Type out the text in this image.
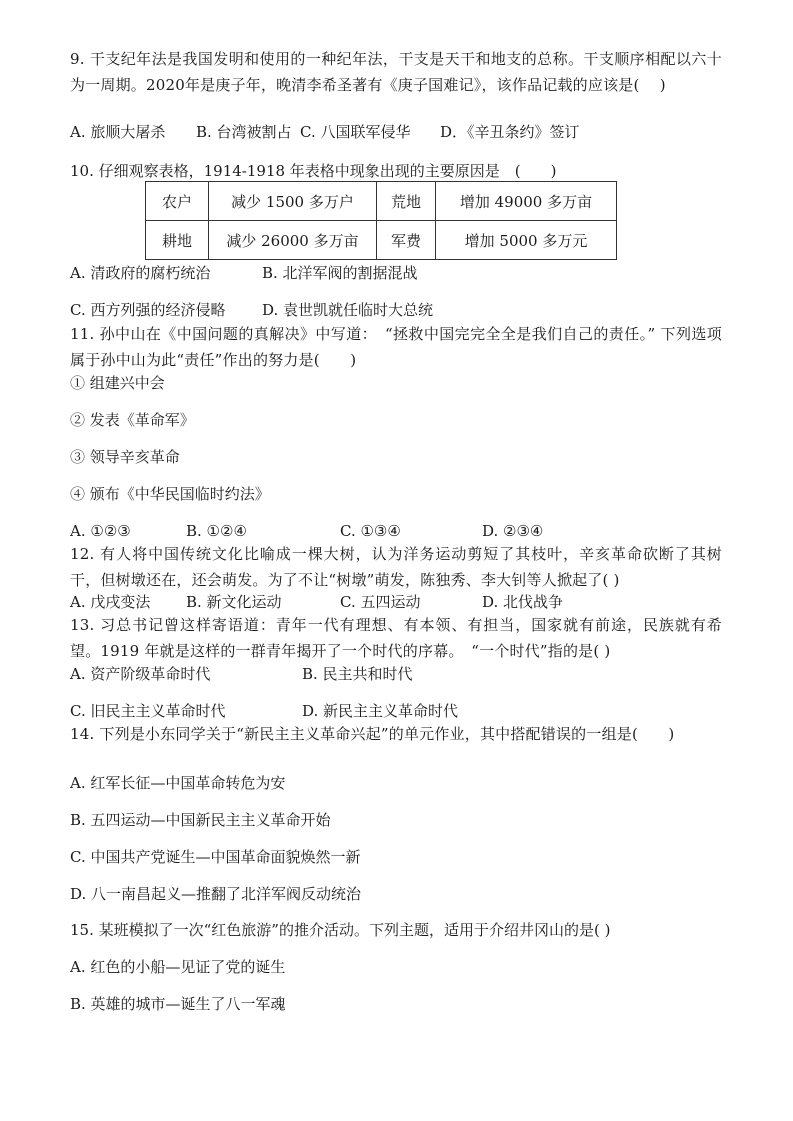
9. 干支纪年法是我国发明和使用的一种纪年法，干支是天干和地支的总称。干支顺序相配以六十为一周期。2020年是庚子年，晚清李希圣著有《庚子国难记》，该作品记载的应该是(　 )
A. 旅顺大屠杀 B. 台湾被割占 C. 八国联军侵华 D．《辛丑条约》签订
10. 仔细观察表格，1914-1918 年表格中现象出现的主要原因是　(　　)
农户	减少 1500 多万户	荒地	增加 49000 多万亩
耕地	减少 26000 多万亩	军费	增加 5000 多万元
A. 清政府的腐朽统治	B. 北洋军阀的割据混战
C. 西方列强的经济侵略 D. 袁世凯就任临时大总统
11. 孙中山在《中国问题的真解决》中写道：　“拯救中国完完全全是我们自己的责任。” 下列选项属于孙中山为此“责任”作出的努力是(　　)
① 组建兴中会
② 发表《革命军》
③ 领导辛亥革命
④ 颁布《中华民国临时约法》
A. ①②③	B. ①②④	C. ①③④	D. ②③④
12. 有人将中国传统文化比喻成一棵大树，认为洋务运动剪短了其枝叶，辛亥革命砍断了其树干，但树墩还在，还会萌发。为了不让“树墩”萌发，陈独秀、李大钊等人掀起了( )
A. 戊戌变法 B. 新文化运动	C. 五四运动	D. 北伐战争
13. 习总书记曾这样寄语道：青年一代有理想、有本领、有担当，国家就有前途，民族就有希望。1919 年就是这样的一群青年揭开了一个时代的序幕。　“一个时代”指的是( )
A. 资产阶级革命时代	B. 民主共和时代
C. 旧民主主义革命时代	D. 新民主主义革命时代
14. 下列是小东同学关于“新民主主义革命兴起”的单元作业，其中搭配错误的一组是(　　)
A. 红军长征—中国革命转危为安
B. 五四运动—中国新民主主义革命开始
C. 中国共产党诞生—中国革命面貌焕然一新
D. 八一南昌起义—推翻了北洋军阀反动统治
15. 某班模拟了一次“红色旅游”的推介活动。下列主题，适用于介绍井冈山的是( )
A. 红色的小船—见证了党的诞生
B. 英雄的城市—诞生了八一军魂
